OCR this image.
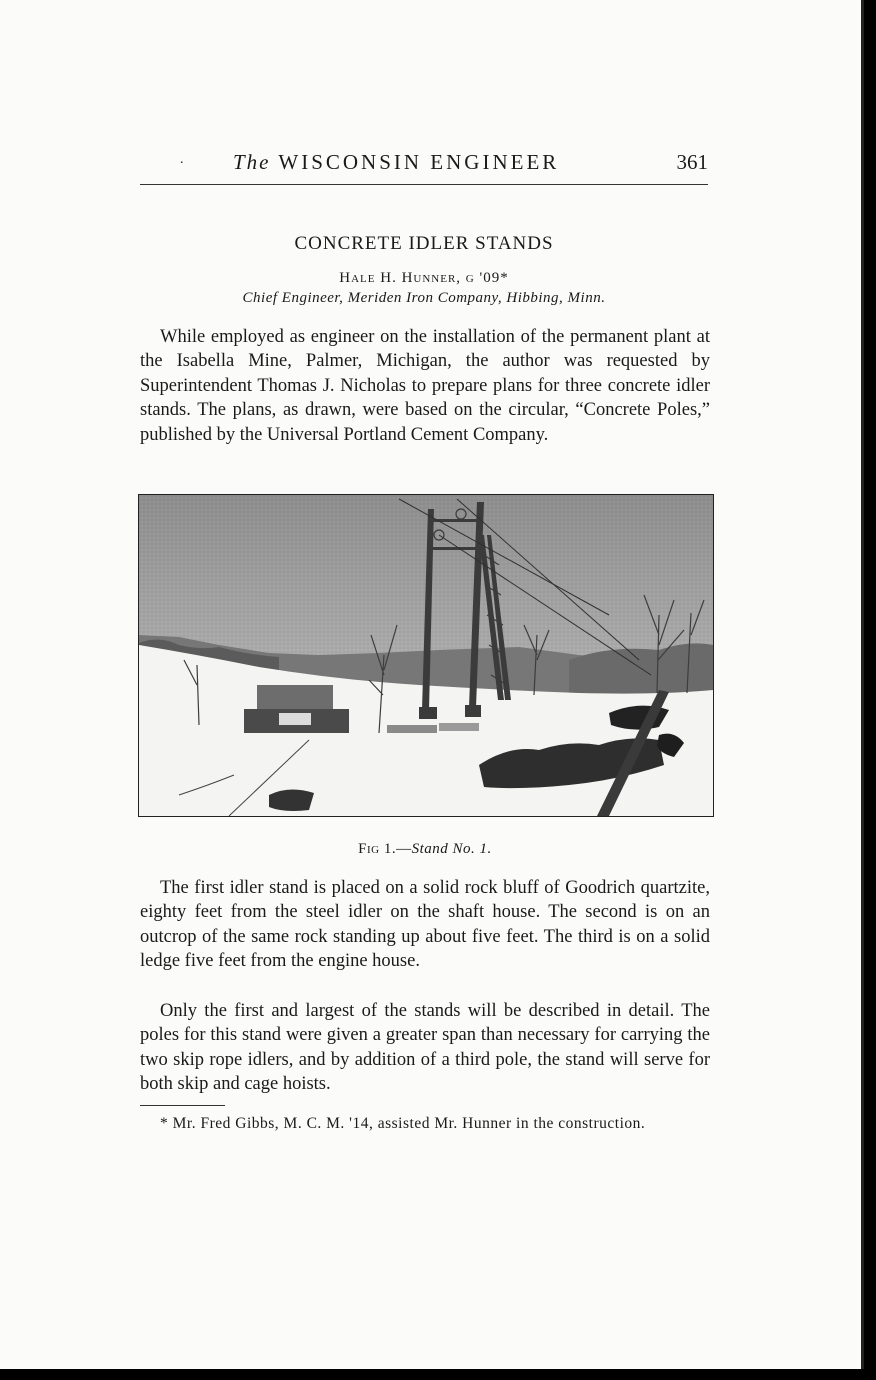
. The WISCONSIN ENGINEER	361
CONCRETE IDLER STANDS
Hale H. Hunner, g '09*
Chief Engineer, Meriden Iron Company, Hibbing, Minn.

While employed as engineer on the installation of the permanent plant at the Isabella Mine, Palmer, Michigan, the author was requested by Superintendent Thomas J. Nicholas to prepare plans for three concrete idler stands. The plans, as drawn, were based on the circular, “Concrete Poles,” published by the Universal Portland Cement Company.

Fig 1.—Stand No. 1.

The first idler stand is placed on a solid rock bluff of Goodrich quartzite, eighty feet from the steel idler on the shaft house. The second is on an outcrop of the same rock standing up about five feet. The third is on a solid ledge five feet from the engine house.

Only the first and largest of the stands will be described in detail. The poles for this stand were given a greater span than necessary for carrying the two skip rope idlers, and by addition of a third pole, the stand will serve for both skip and cage hoists.

* Mr. Fred Gibbs, M. C. M. '14, assisted Mr. Hunner in the construction.
